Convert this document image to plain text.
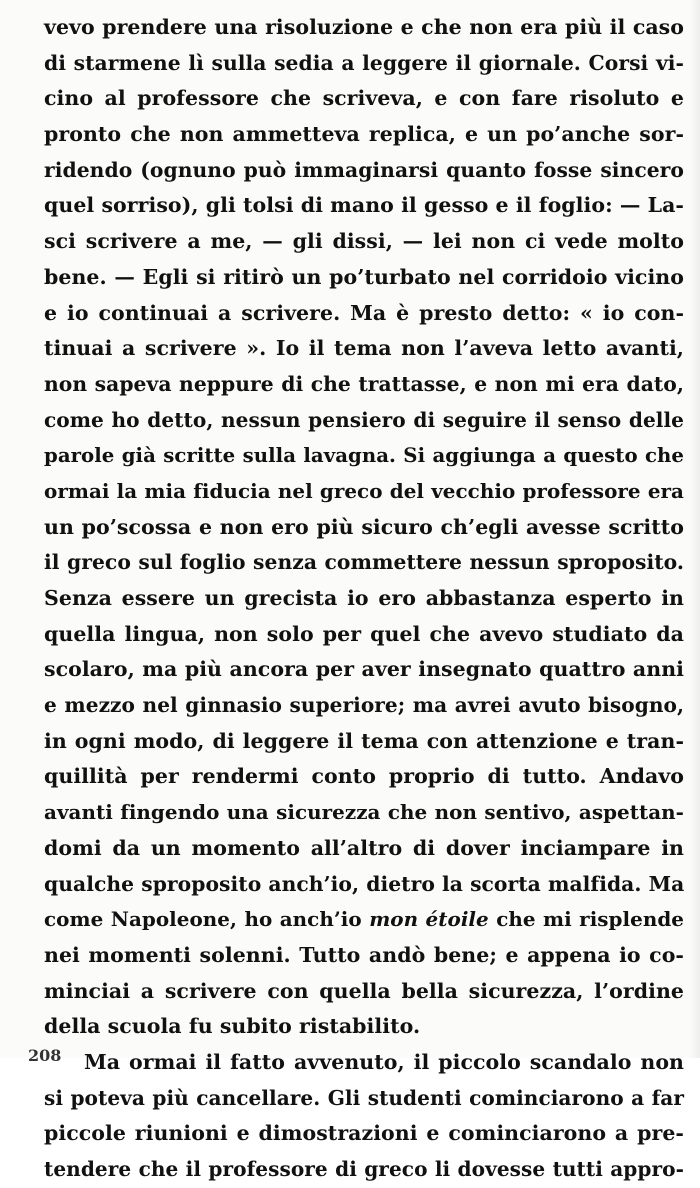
vevo prendere una risoluzione e che non era più il caso
di starmene lì sulla sedia a leggere il giornale. Corsi vi-
cino al professore che scriveva, e con fare risoluto e
pronto che non ammetteva replica, e un po’anche sor-
ridendo (ognuno può immaginarsi quanto fosse sincero
quel sorriso), gli tolsi di mano il gesso e il foglio: — La-
sci scrivere a me, — gli dissi, — lei non ci vede molto
bene. — Egli si ritirò un po’turbato nel corridoio vicino
e io continuai a scrivere. Ma è presto detto: « io con-
tinuai a scrivere ». Io il tema non l’aveva letto avanti,
non sapeva neppure di che trattasse, e non mi era dato,
come ho detto, nessun pensiero di seguire il senso delle
parole già scritte sulla lavagna. Si aggiunga a questo che
ormai la mia fiducia nel greco del vecchio professore era
un po’scossa e non ero più sicuro ch’egli avesse scritto
il greco sul foglio senza commettere nessun sproposito.
Senza essere un grecista io ero abbastanza esperto in
quella lingua, non solo per quel che avevo studiato da
scolaro, ma più ancora per aver insegnato quattro anni
e mezzo nel ginnasio superiore; ma avrei avuto bisogno,
in ogni modo, di leggere il tema con attenzione e tran-
quillità per rendermi conto proprio di tutto. Andavo
avanti fingendo una sicurezza che non sentivo, aspettan-
domi da un momento all’altro di dover inciampare in
qualche sproposito anch’io, dietro la scorta malfida. Ma
come Napoleone, ho anch’io mon étoile che mi risplende
nei momenti solenni. Tutto andò bene; e appena io co-
minciai a scrivere con quella bella sicurezza, l’ordine
della scuola fu subito ristabilito.
Ma ormai il fatto avvenuto, il piccolo scandalo non
si poteva più cancellare. Gli studenti cominciarono a far
piccole riunioni e dimostrazioni e cominciarono a pre-
tendere che il professore di greco li dovesse tutti appro-
208
